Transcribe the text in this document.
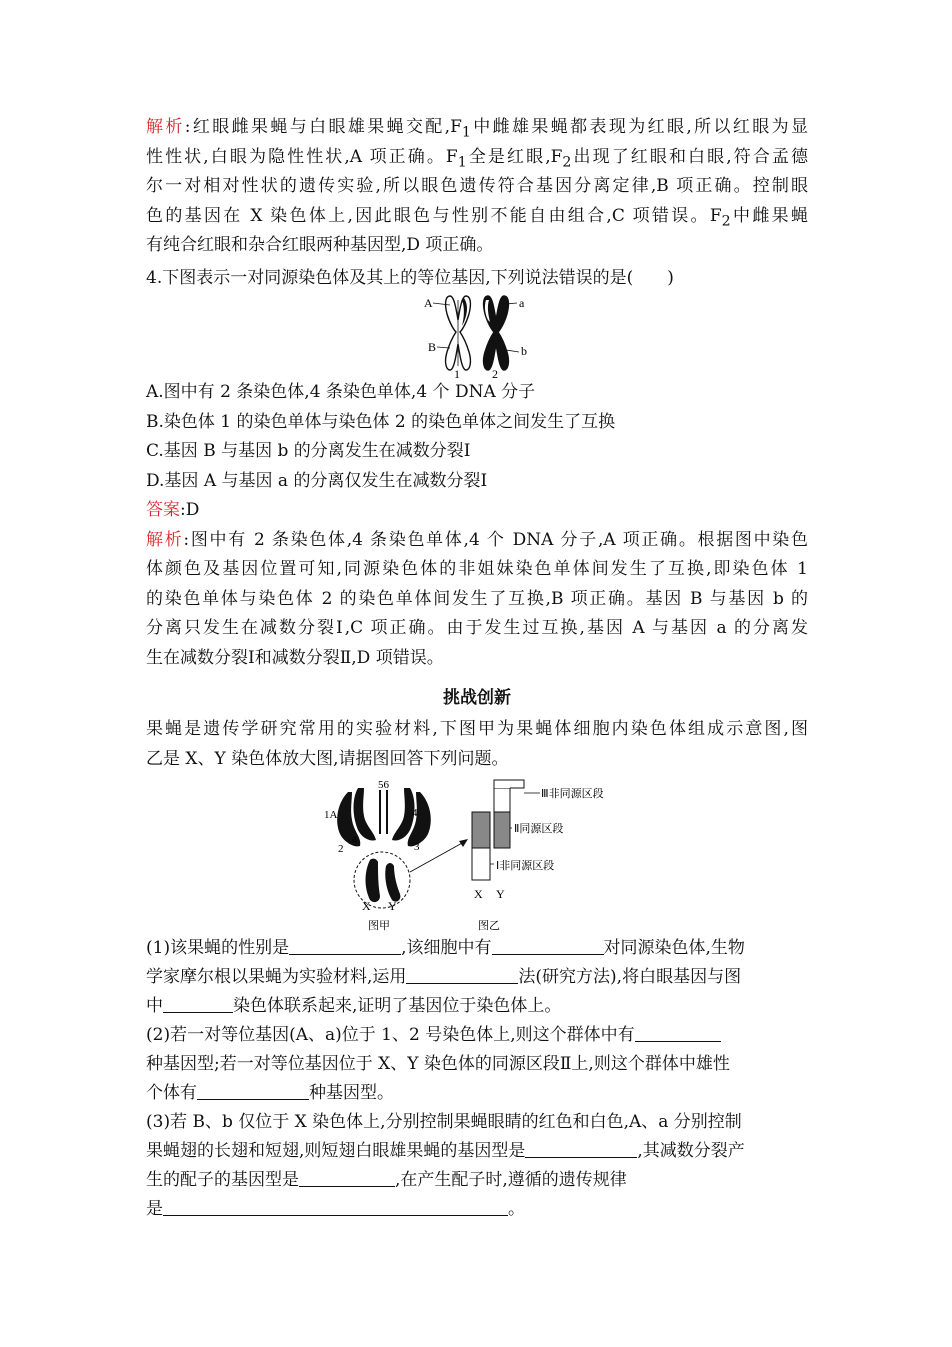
解析:红眼雌果蝇与白眼雄果蝇交配$,F_1$中雌雄果蝇都表现为红眼,所以红眼为显
性性状,白眼为隐性性状,A 项正确。$F_1$全是红眼$,F_2$出现了红眼和白眼,符合孟德
尔一对相对性状的遗传实验,所以眼色遗传符合基因分离定律,B 项正确。控制眼
色的基因在 X 染色体上,因此眼色与性别不能自由组合,C 项错误。$F_2$中雌果蝇
有纯合红眼和杂合红眼两种基因型,D 项正确。
4.下图表示一对同源染色体及其上的等位基因,下列说法错误的是(　　)
A	a
B	b
1	2
A.图中有 2 条染色体,4 条染色单体,4 个 DNA 分子
B.染色体 1 的染色单体与染色体 2 的染色单体之间发生了互换
C.基因 B 与基因 b 的分离发生在减数分裂Ⅰ
D.基因 A 与基因 a 的分离仅发生在减数分裂Ⅰ
答案:D
解析:图中有 2 条染色体,4 条染色单体,4 个 DNA 分子,A 项正确。根据图中染色
体颜色及基因位置可知,同源染色体的非姐妹染色单体间发生了互换,即染色体 1
的染色单体与染色体 2 的染色单体间发生了互换,B 项正确。基因 B 与基因 b 的
分离只发生在减数分裂Ⅰ,C 项正确。由于发生过互换,基因 A 与基因 a 的分离发
生在减数分裂Ⅰ和减数分裂Ⅱ,D 项错误。
挑战创新
果蝇是遗传学研究常用的实验材料,下图甲为果蝇体细胞内染色体组成示意图,图
乙是 X、Y 染色体放大图,请据图回答下列问题。
56
1A	4
a
2	3
X Y
图甲
Ⅲ非同源区段
Ⅱ同源区段
Ⅰ非同源区段
X Y
图乙
(1)该果蝇的性别是	,该细胞中有	对同源染色体,生物
学家摩尔根以果蝇为实验材料,运用	法(研究方法),将白眼基因与图
中	染色体联系起来,证明了基因位于染色体上。
(2)若一对等位基因(A、a)位于 1、2 号染色体上,则这个群体中有
种基因型;若一对等位基因位于 X、Y 染色体的同源区段Ⅱ上,则这个群体中雄性
个体有	种基因型。
(3)若 B、b 仅位于 X 染色体上,分别控制果蝇眼睛的红色和白色,A、a 分别控制
果蝇翅的长翅和短翅,则短翅白眼雄果蝇的基因型是	,其减数分裂产
生的配子的基因型是	,在产生配子时,遵循的遗传规律
是	。
